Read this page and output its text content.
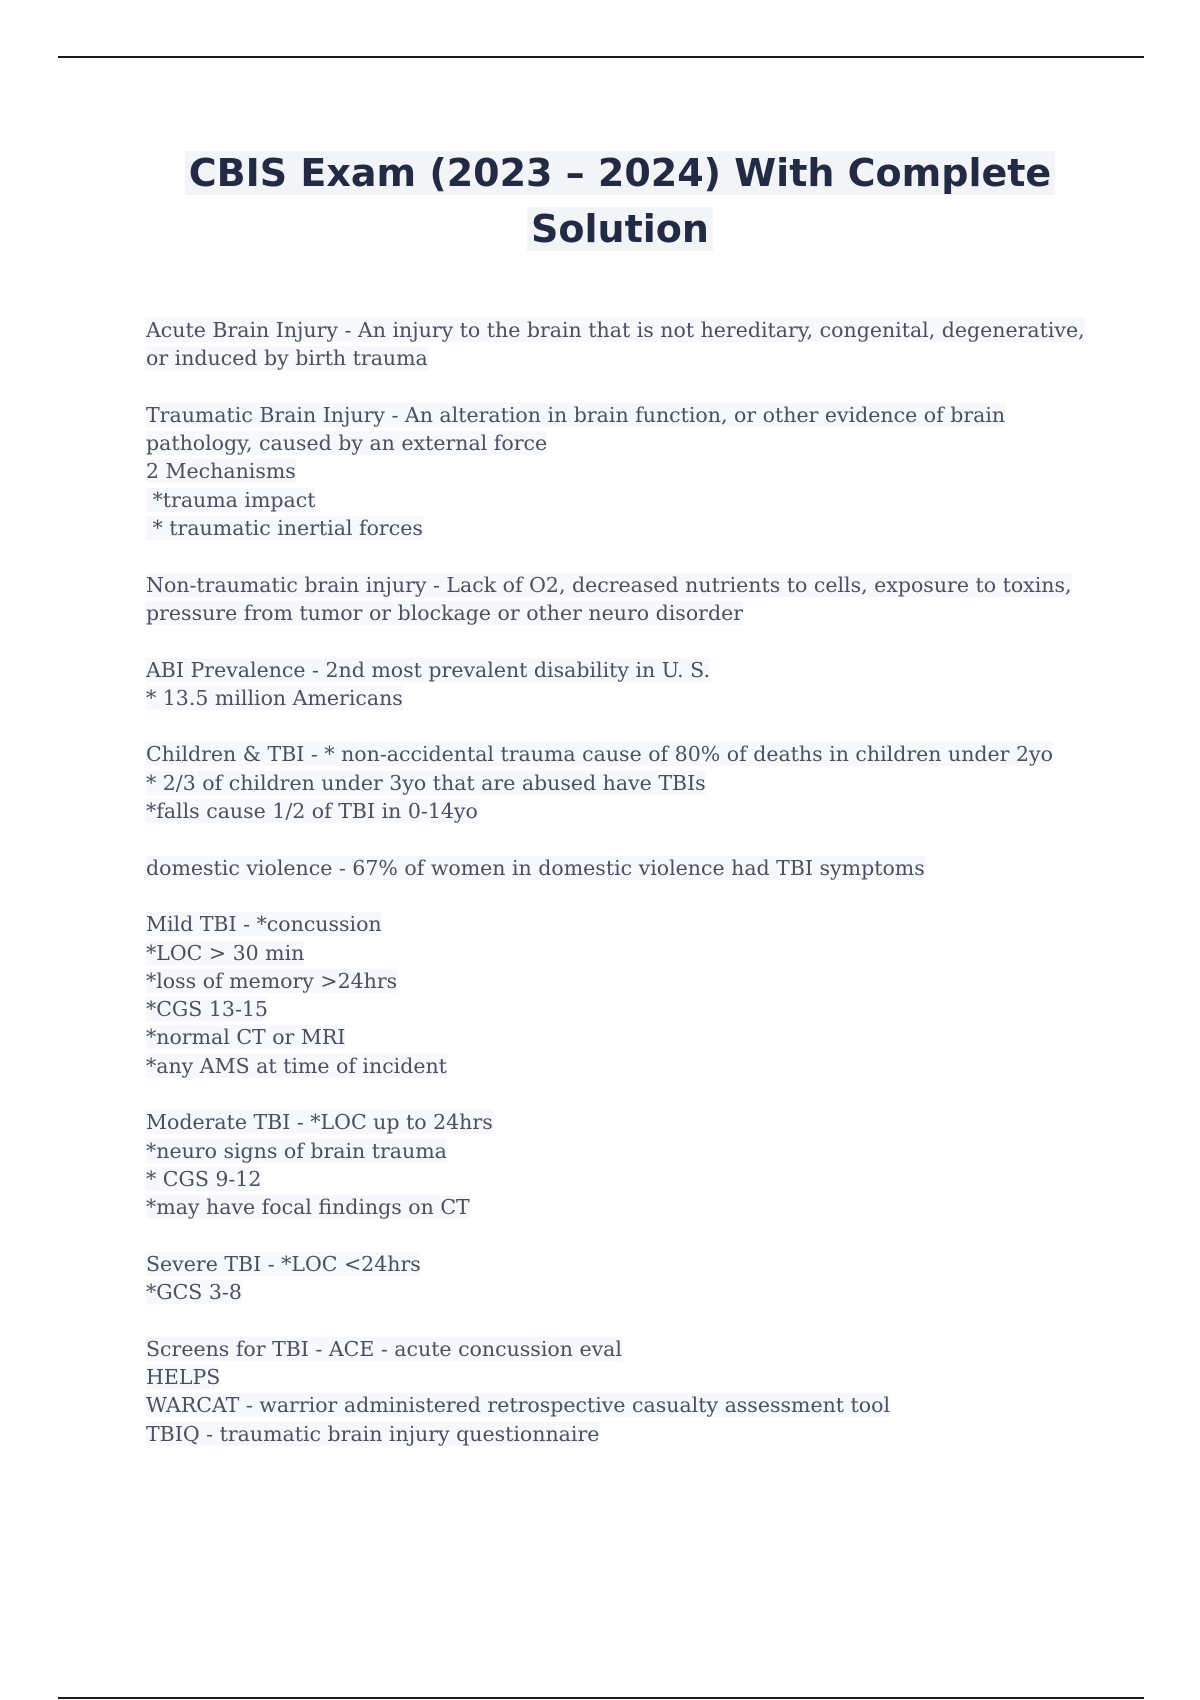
CBIS Exam (2023 – 2024) With Complete
Solution
Acute Brain Injury - An injury to the brain that is not hereditary, congenital, degenerative,
or induced by birth trauma
Traumatic Brain Injury - An alteration in brain function, or other evidence of brain
pathology, caused by an external force
2 Mechanisms
*trauma impact
* traumatic inertial forces
Non-traumatic brain injury - Lack of O2, decreased nutrients to cells, exposure to toxins,
pressure from tumor or blockage or other neuro disorder
ABI Prevalence - 2nd most prevalent disability in U. S.
* 13.5 million Americans
Children & TBI - * non-accidental trauma cause of 80% of deaths in children under 2yo
* 2/3 of children under 3yo that are abused have TBIs
*falls cause 1/2 of TBI in 0-14yo
domestic violence - 67% of women in domestic violence had TBI symptoms
Mild TBI - *concussion
*LOC > 30 min
*loss of memory >24hrs
*CGS 13-15
*normal CT or MRI
*any AMS at time of incident
Moderate TBI - *LOC up to 24hrs
*neuro signs of brain trauma
* CGS 9-12
*may have focal findings on CT
Severe TBI - *LOC <24hrs
*GCS 3-8
Screens for TBI - ACE - acute concussion eval
HELPS
WARCAT - warrior administered retrospective casualty assessment tool
TBIQ - traumatic brain injury questionnaire
